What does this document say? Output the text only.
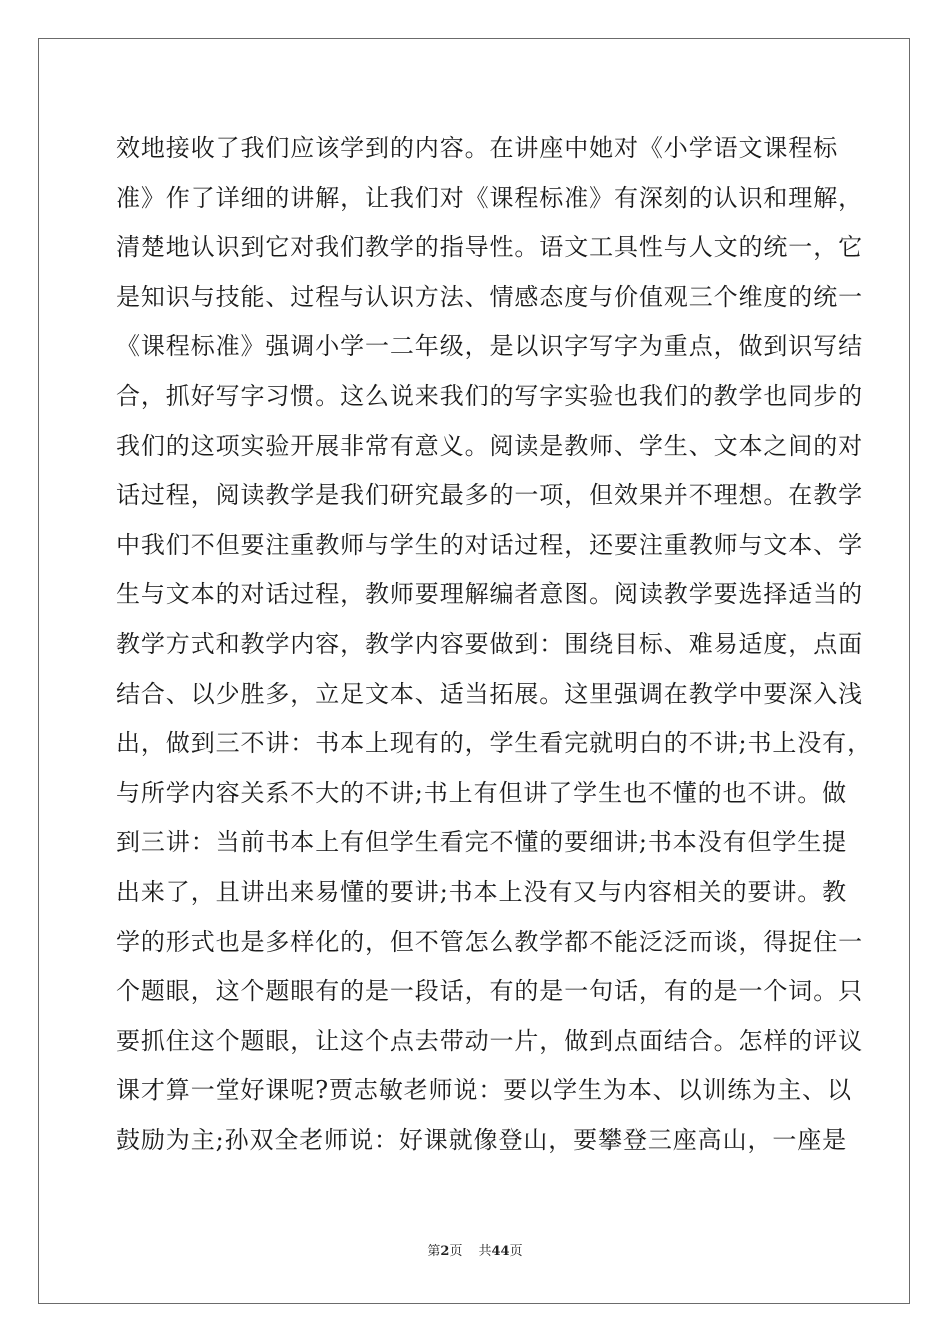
效地接收了我们应该学到的内容。在讲座中她对《小学语文课程标
准》作了详细的讲解，让我们对《课程标准》有深刻的认识和理解，
清楚地认识到它对我们教学的指导性。语文工具性与人文的统一，它
是知识与技能、过程与认识方法、情感态度与价值观三个维度的统一
《课程标准》强调小学一二年级，是以识字写字为重点，做到识写结
合，抓好写字习惯。这么说来我们的写字实验也我们的教学也同步的
我们的这项实验开展非常有意义。阅读是教师、学生、文本之间的对
话过程，阅读教学是我们研究最多的一项，但效果并不理想。在教学
中我们不但要注重教师与学生的对话过程，还要注重教师与文本、学
生与文本的对话过程，教师要理解编者意图。阅读教学要选择适当的
教学方式和教学内容，教学内容要做到：围绕目标、难易适度，点面
结合、以少胜多，立足文本、适当拓展。这里强调在教学中要深入浅
出，做到三不讲：书本上现有的，学生看完就明白的不讲;书上没有，
与所学内容关系不大的不讲;书上有但讲了学生也不懂的也不讲。做
到三讲：当前书本上有但学生看完不懂的要细讲;书本没有但学生提
出来了，且讲出来易懂的要讲;书本上没有又与内容相关的要讲。教
学的形式也是多样化的，但不管怎么教学都不能泛泛而谈，得捉住一
个题眼，这个题眼有的是一段话，有的是一句话，有的是一个词。只
要抓住这个题眼，让这个点去带动一片，做到点面结合。怎样的评议
课才算一堂好课呢?贾志敏老师说：要以学生为本、以训练为主、以
鼓励为主;孙双全老师说：好课就像登山，要攀登三座高山，一座是
第2页 共44页
